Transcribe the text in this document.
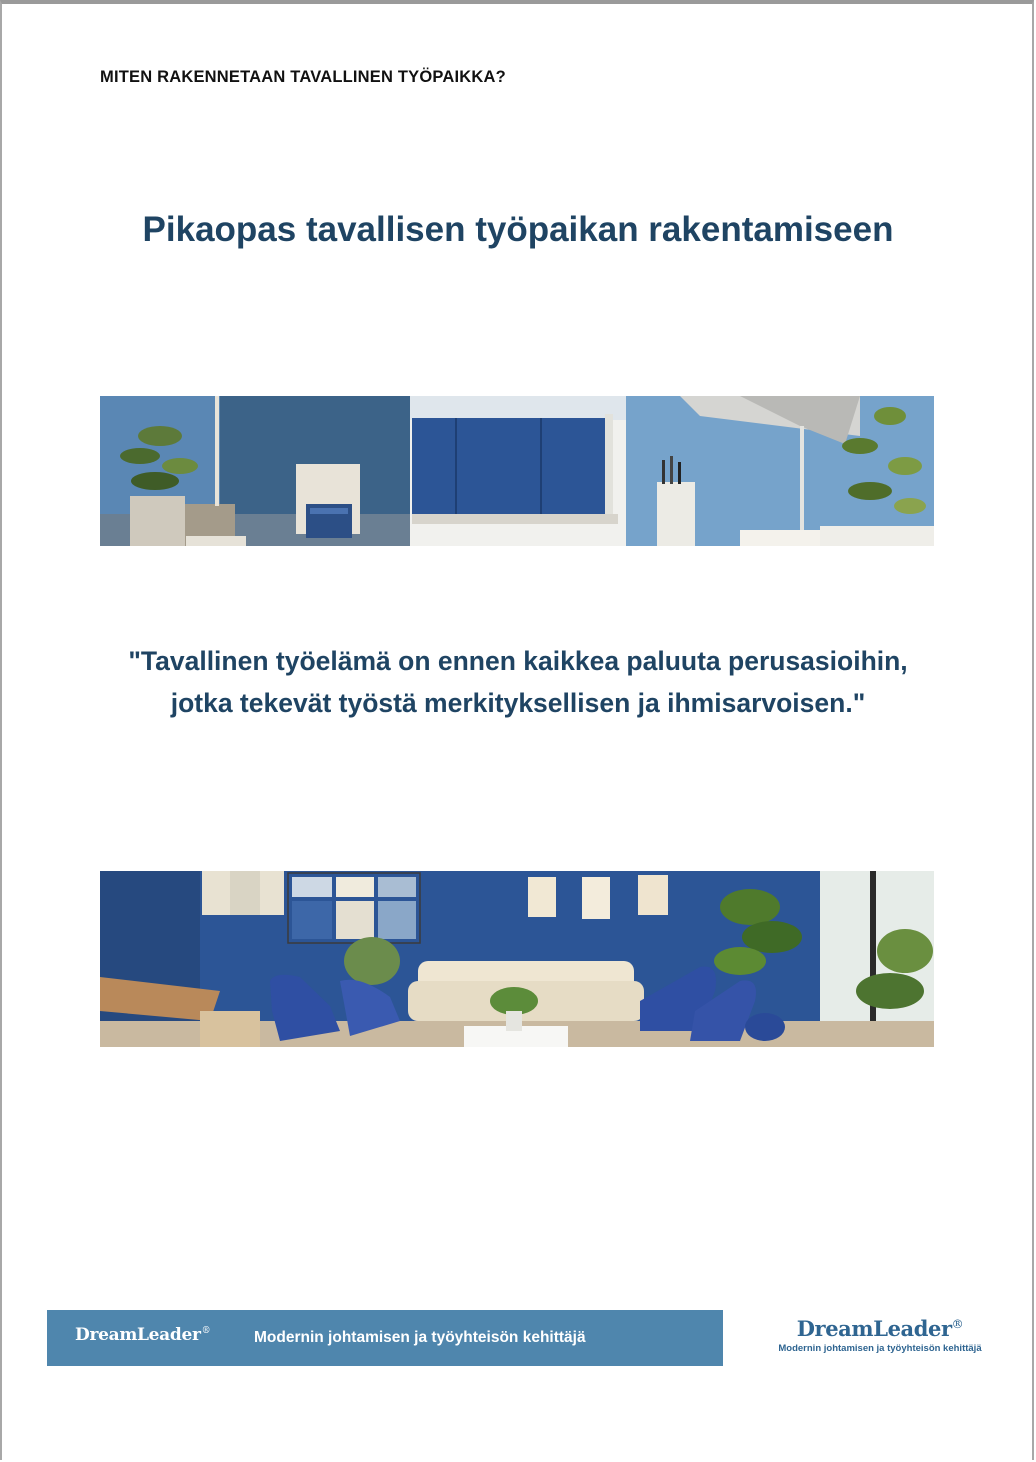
MITEN RAKENNETAAN TAVALLINEN TYÖPAIKKA?
Pikaopas tavallisen työpaikan rakentamiseen
"Tavallinen työelämä on ennen kaikkea paluuta perusasioihin, jotka tekevät työstä merkityksellisen ja ihmisarvoisen."
DreamLeader®	Modernin johtamisen ja työyhteisön kehittäjä	DreamLeader®
Modernin johtamisen ja työyhteisön kehittäjä
